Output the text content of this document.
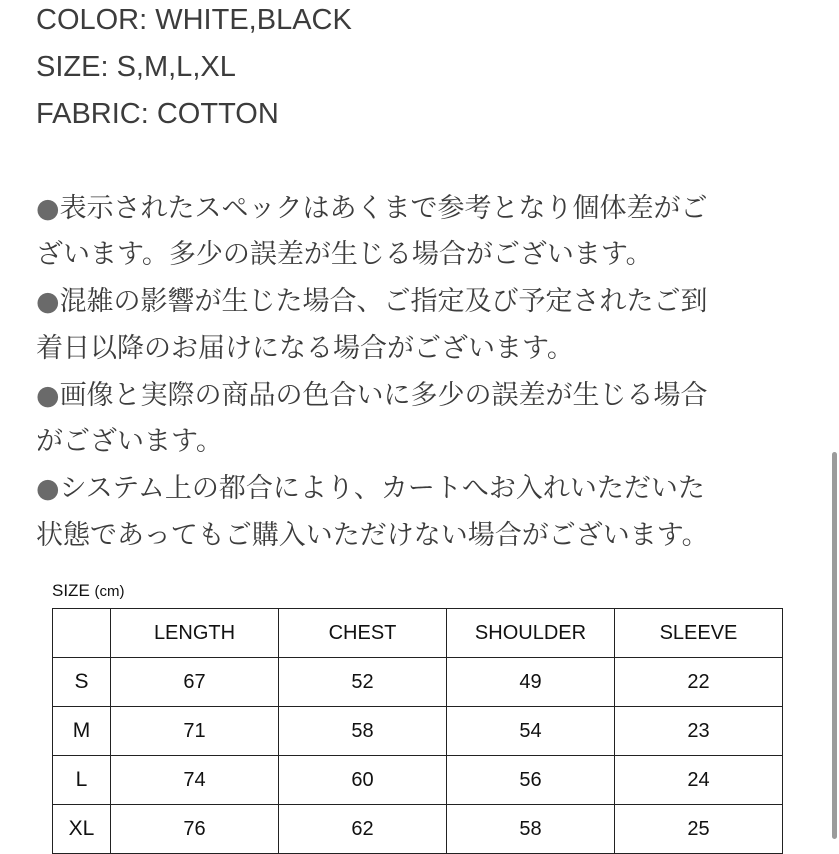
COLOR: WHITE,BLACK
SIZE: S,M,L,XL
FABRIC: COTTON
●表示されたスペックはあくまで参考となり個体差がご
ざいます。多少の誤差が生じる場合がございます。
●混雑の影響が生じた場合、ご指定及び予定されたご到
着日以降のお届けになる場合がございます。
●画像と実際の商品の色合いに多少の誤差が生じる場合
がございます。
●システム上の都合により、カートへお入れいただいた
状態であってもご購入いただけない場合がございます。
SIZE (cm)
	LENGTH	CHEST	SHOULDER	SLEEVE
S	67	52	49	22
M	71	58	54	23
L	74	60	56	24
XL	76	62	58	25
